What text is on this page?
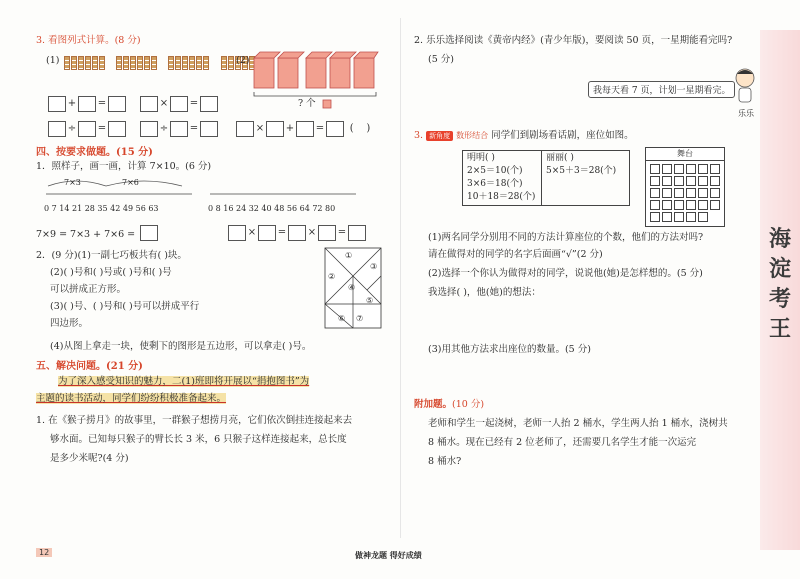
3. 看图列式计算。(8 分)
(1)
	(2)
? 个
+ =	× =
÷ =	÷ =	× + =	(    )
四、按要求做题。(15 分)
1．照样子，画一画，计算 7×10。(6 分)
7×3	7×6
0 7 14 21 28 35 42 49 56 63	0 8 16 24 32 40 48 56 64 72 80
7×9 = 7×3 + 7×6 =	× = × =
2．(9 分)(1)一副七巧板共有( )块。
(2)( )号和( )号或( )号和( )号
可以拼成正方形。
(3)( )号、( )号和( )号可以拼成平行
四边形。
(4)从图上拿走一块，使剩下的图形是五边形，可以拿走( )号。
①
②
③
④
⑤
⑥ ⑦
五、解决问题。(21 分)
为了深入感受知识的魅力，二(1)班即将开展以“捐抱图书”为
主题的读书活动，同学们纷纷积极准备起来。
1. 在《猴子捞月》的故事里，一群猴子想捞月亮，它们依次倒挂连接起来去
够水面。已知每只猴子的臂长长 3 米，6 只猴子这样连接起来，总长度
是多少米呢?(4 分)
2. 乐乐选择阅读《黄帝内经》(青少年版)，要阅读 50 页，一星期能看完吗?
(5 分)
我每天看 7 页，计划一星期看完。
乐乐
3. 新角度 数形结合 同学们到剧场看话剧，座位如图。
明明( )
2×5＝10(个)
3×6＝18(个)
10＋18＝28(个)

丽丽( )
5×5＋3＝28(个)
舞台

(1)两名同学分别用不同的方法计算座位的个数，他们的方法对吗?
请在做得对的同学的名字后面画“√”(2 分)
(2)选择一个你认为做得对的同学，说说他(她)是怎样想的。(5 分)
我选择( )，他(她)的想法：
(3)用其他方法求出座位的数量。(5 分)
附加题。(10 分)
老师和学生一起浇树，老师一人抬 2 桶水，学生两人抬 1 桶水，浇树共
8 桶水。现在已经有 2 位老师了，还需要几名学生才能一次运完
8 桶水?
海
淀
考
王
12	做神龙题 得好成绩
